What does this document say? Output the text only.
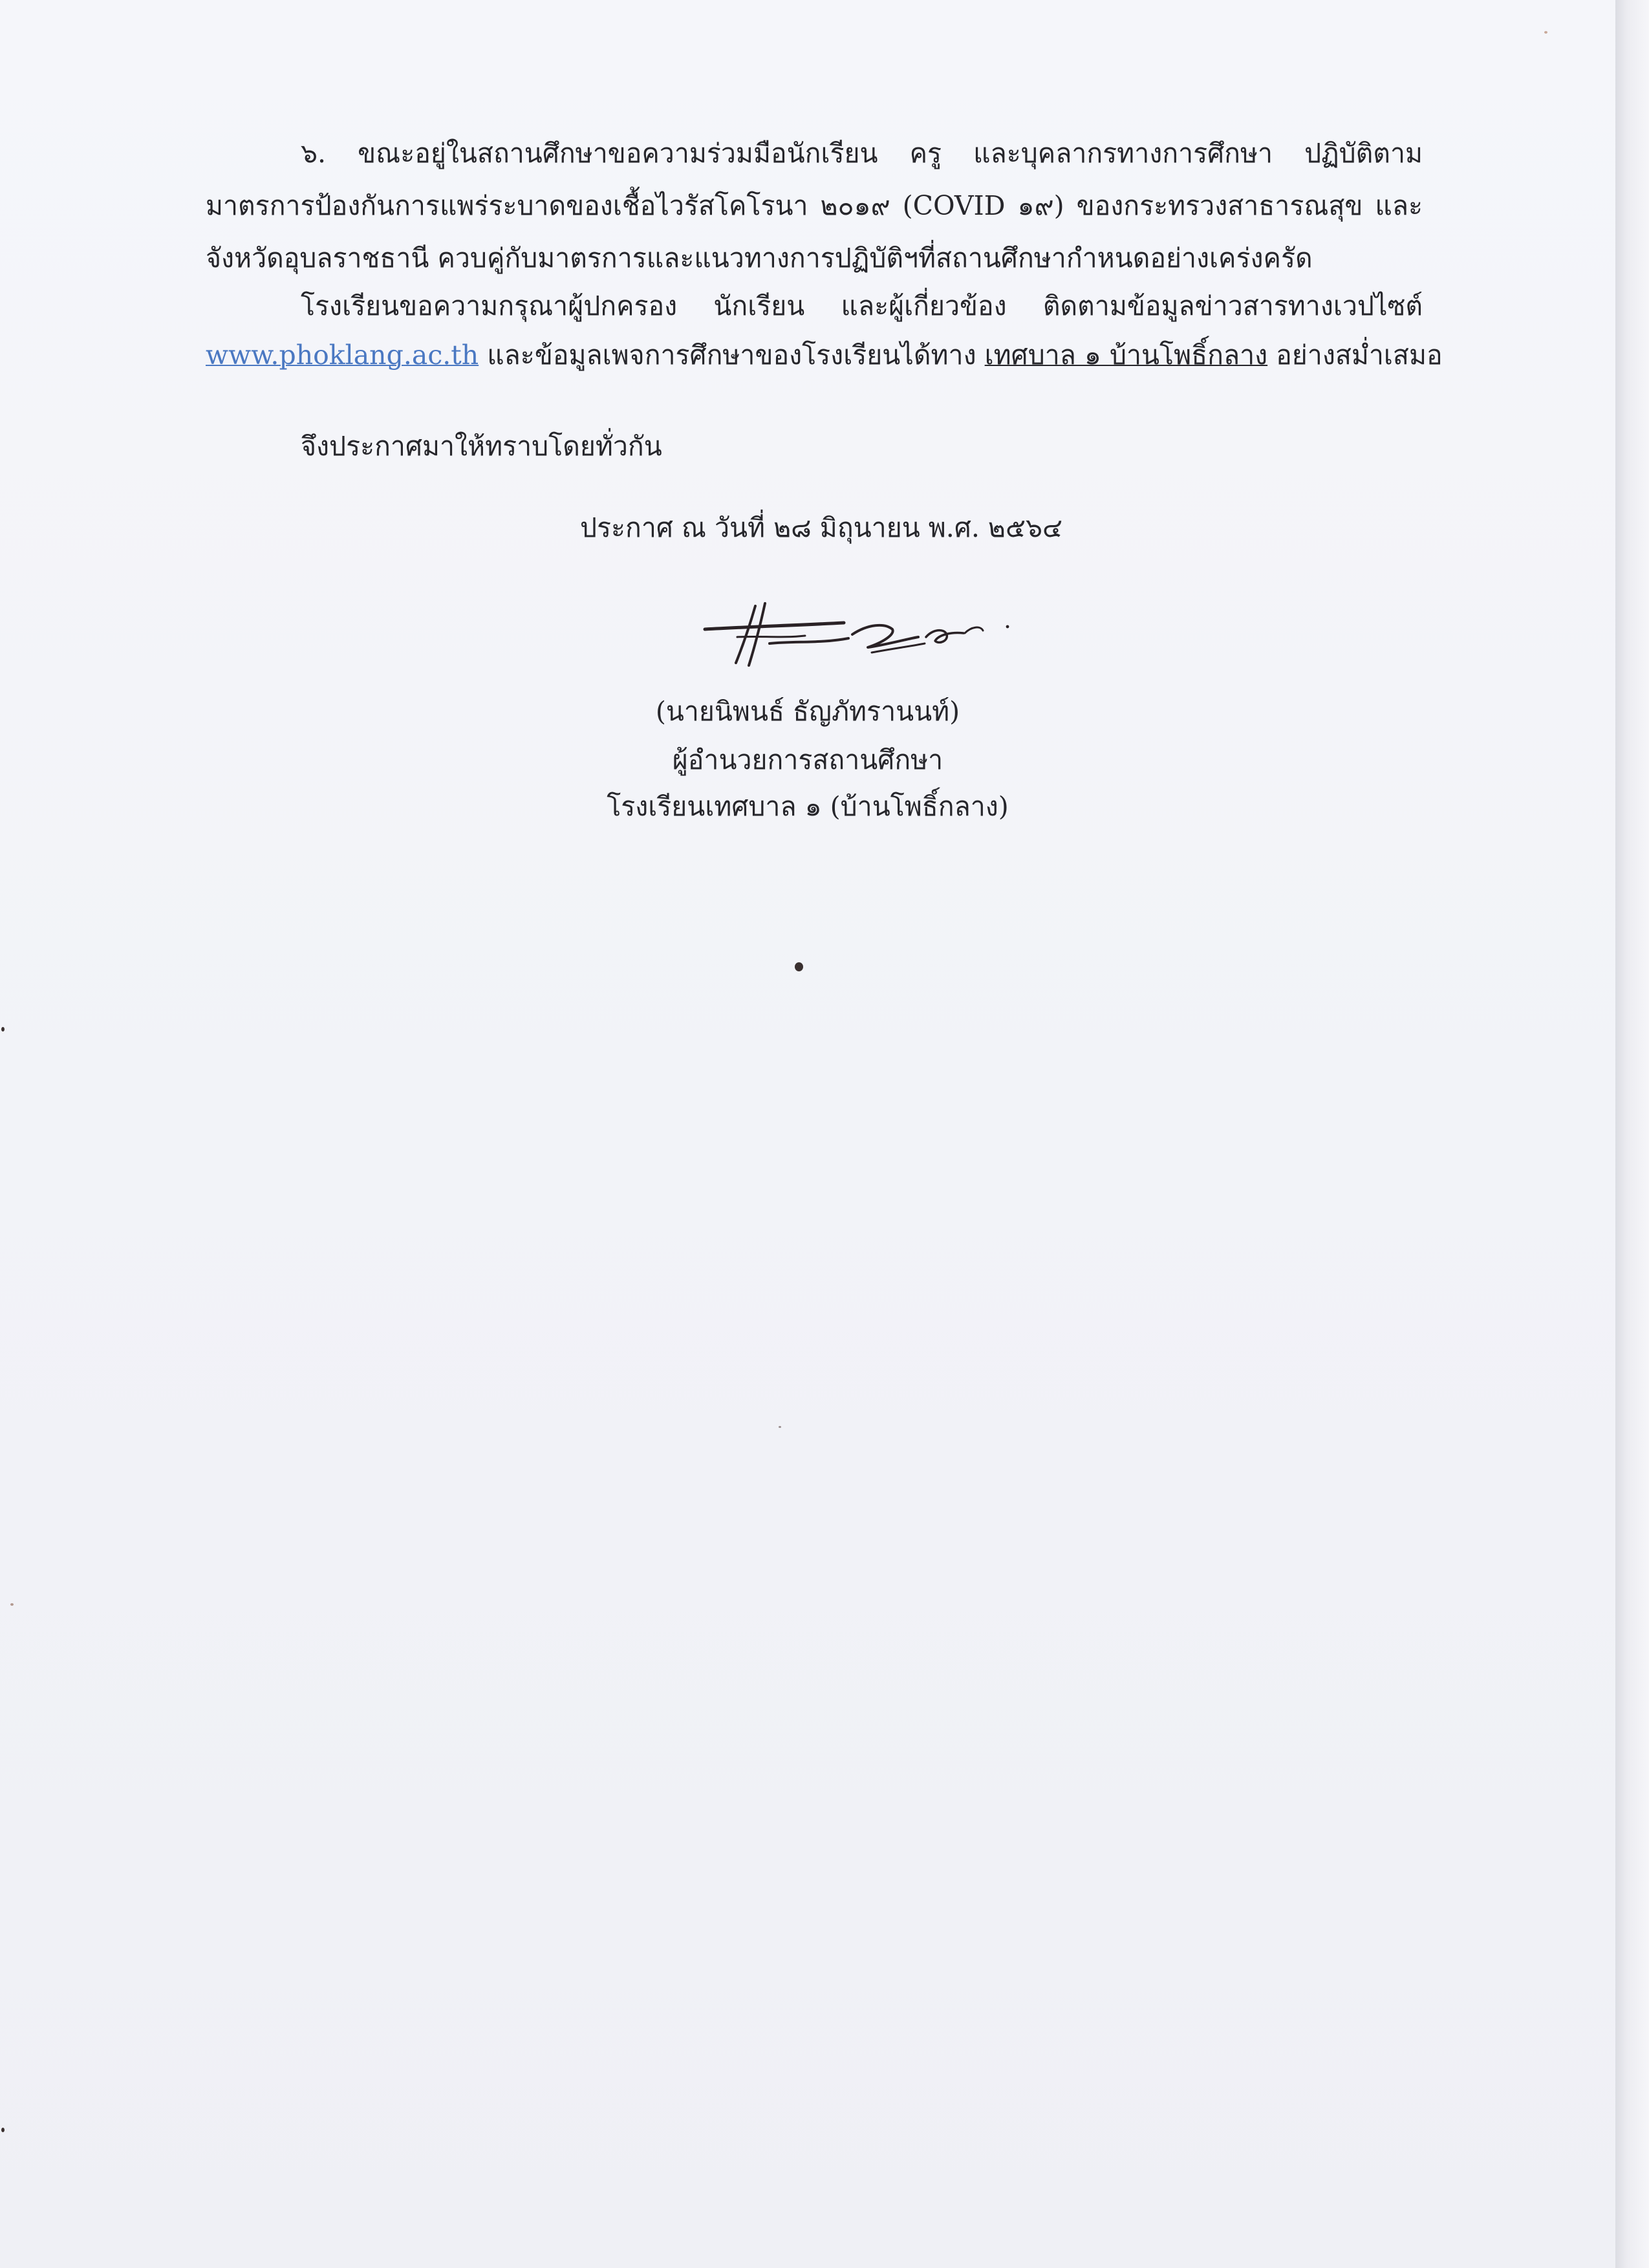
๖. ขณะอยู่ในสถานศึกษาขอความร่วมมือนักเรียน ครู และบุคลากรทางการศึกษา ปฏิบัติตาม
มาตรการป้องกันการแพร่ระบาดของเชื้อไวรัสโคโรนา ๒๐๑๙ (COVID ๑๙) ของกระทรวงสาธารณสุข และ
จังหวัดอุบลราชธานี ควบคู่กับมาตรการและแนวทางการปฏิบัติฯที่สถานศึกษากำหนดอย่างเคร่งครัด
โรงเรียนขอความกรุณาผู้ปกครอง นักเรียน และผู้เกี่ยวข้อง ติดตามข้อมูลข่าวสารทางเวปไซต์
www.phoklang.ac.th และข้อมูลเพจการศึกษาของโรงเรียนได้ทาง เทศบาล ๑ บ้านโพธิ์กลาง อย่างสม่ำเสมอ
จึงประกาศมาให้ทราบโดยทั่วกัน
ประกาศ ณ วันที่ ๒๘ มิถุนายน พ.ศ. ๒๕๖๔
(นายนิพนธ์ ธัญภัทรานนท์)
ผู้อำนวยการสถานศึกษา
โรงเรียนเทศบาล ๑ (บ้านโพธิ์กลาง)
